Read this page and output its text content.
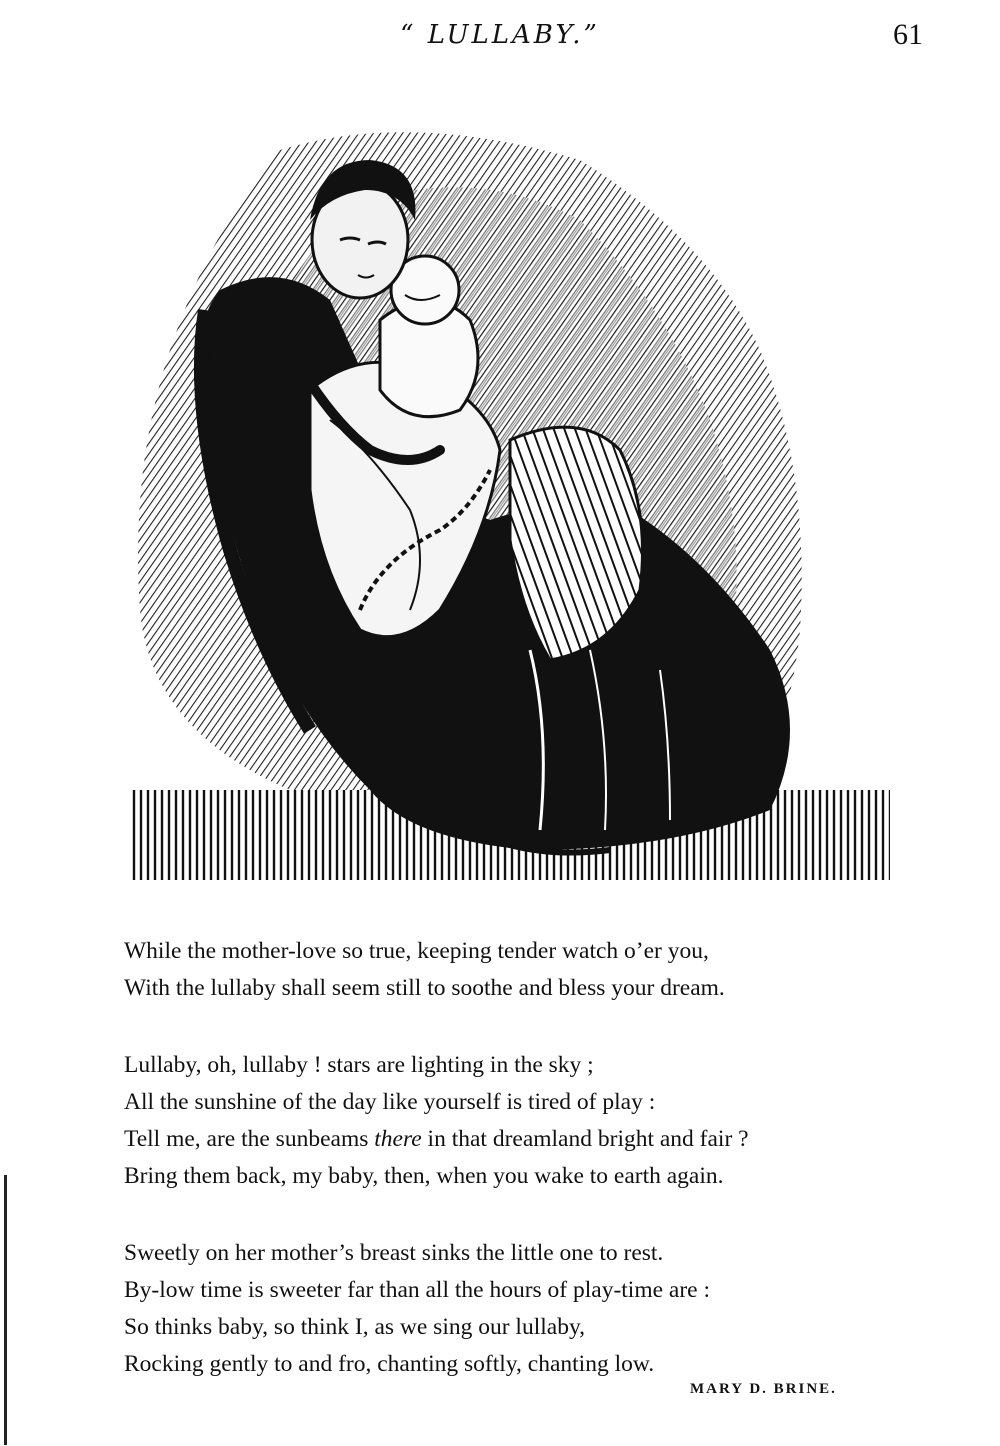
“ LULLABY.”	61
While the mother-love so true, keeping tender watch o’er you,
With the lullaby shall seem still to soothe and bless your dream.
Lullaby, oh, lullaby ! stars are lighting in the sky ;
All the sunshine of the day like yourself is tired of play :
Tell me, are the sunbeams there in that dreamland bright and fair ?
Bring them back, my baby, then, when you wake to earth again.
Sweetly on her mother’s breast sinks the little one to rest.
By-low time is sweeter far than all the hours of play-time are :
So thinks baby, so think I, as we sing our lullaby,
Rocking gently to and fro, chanting softly, chanting low.
MARY D. BRINE.
